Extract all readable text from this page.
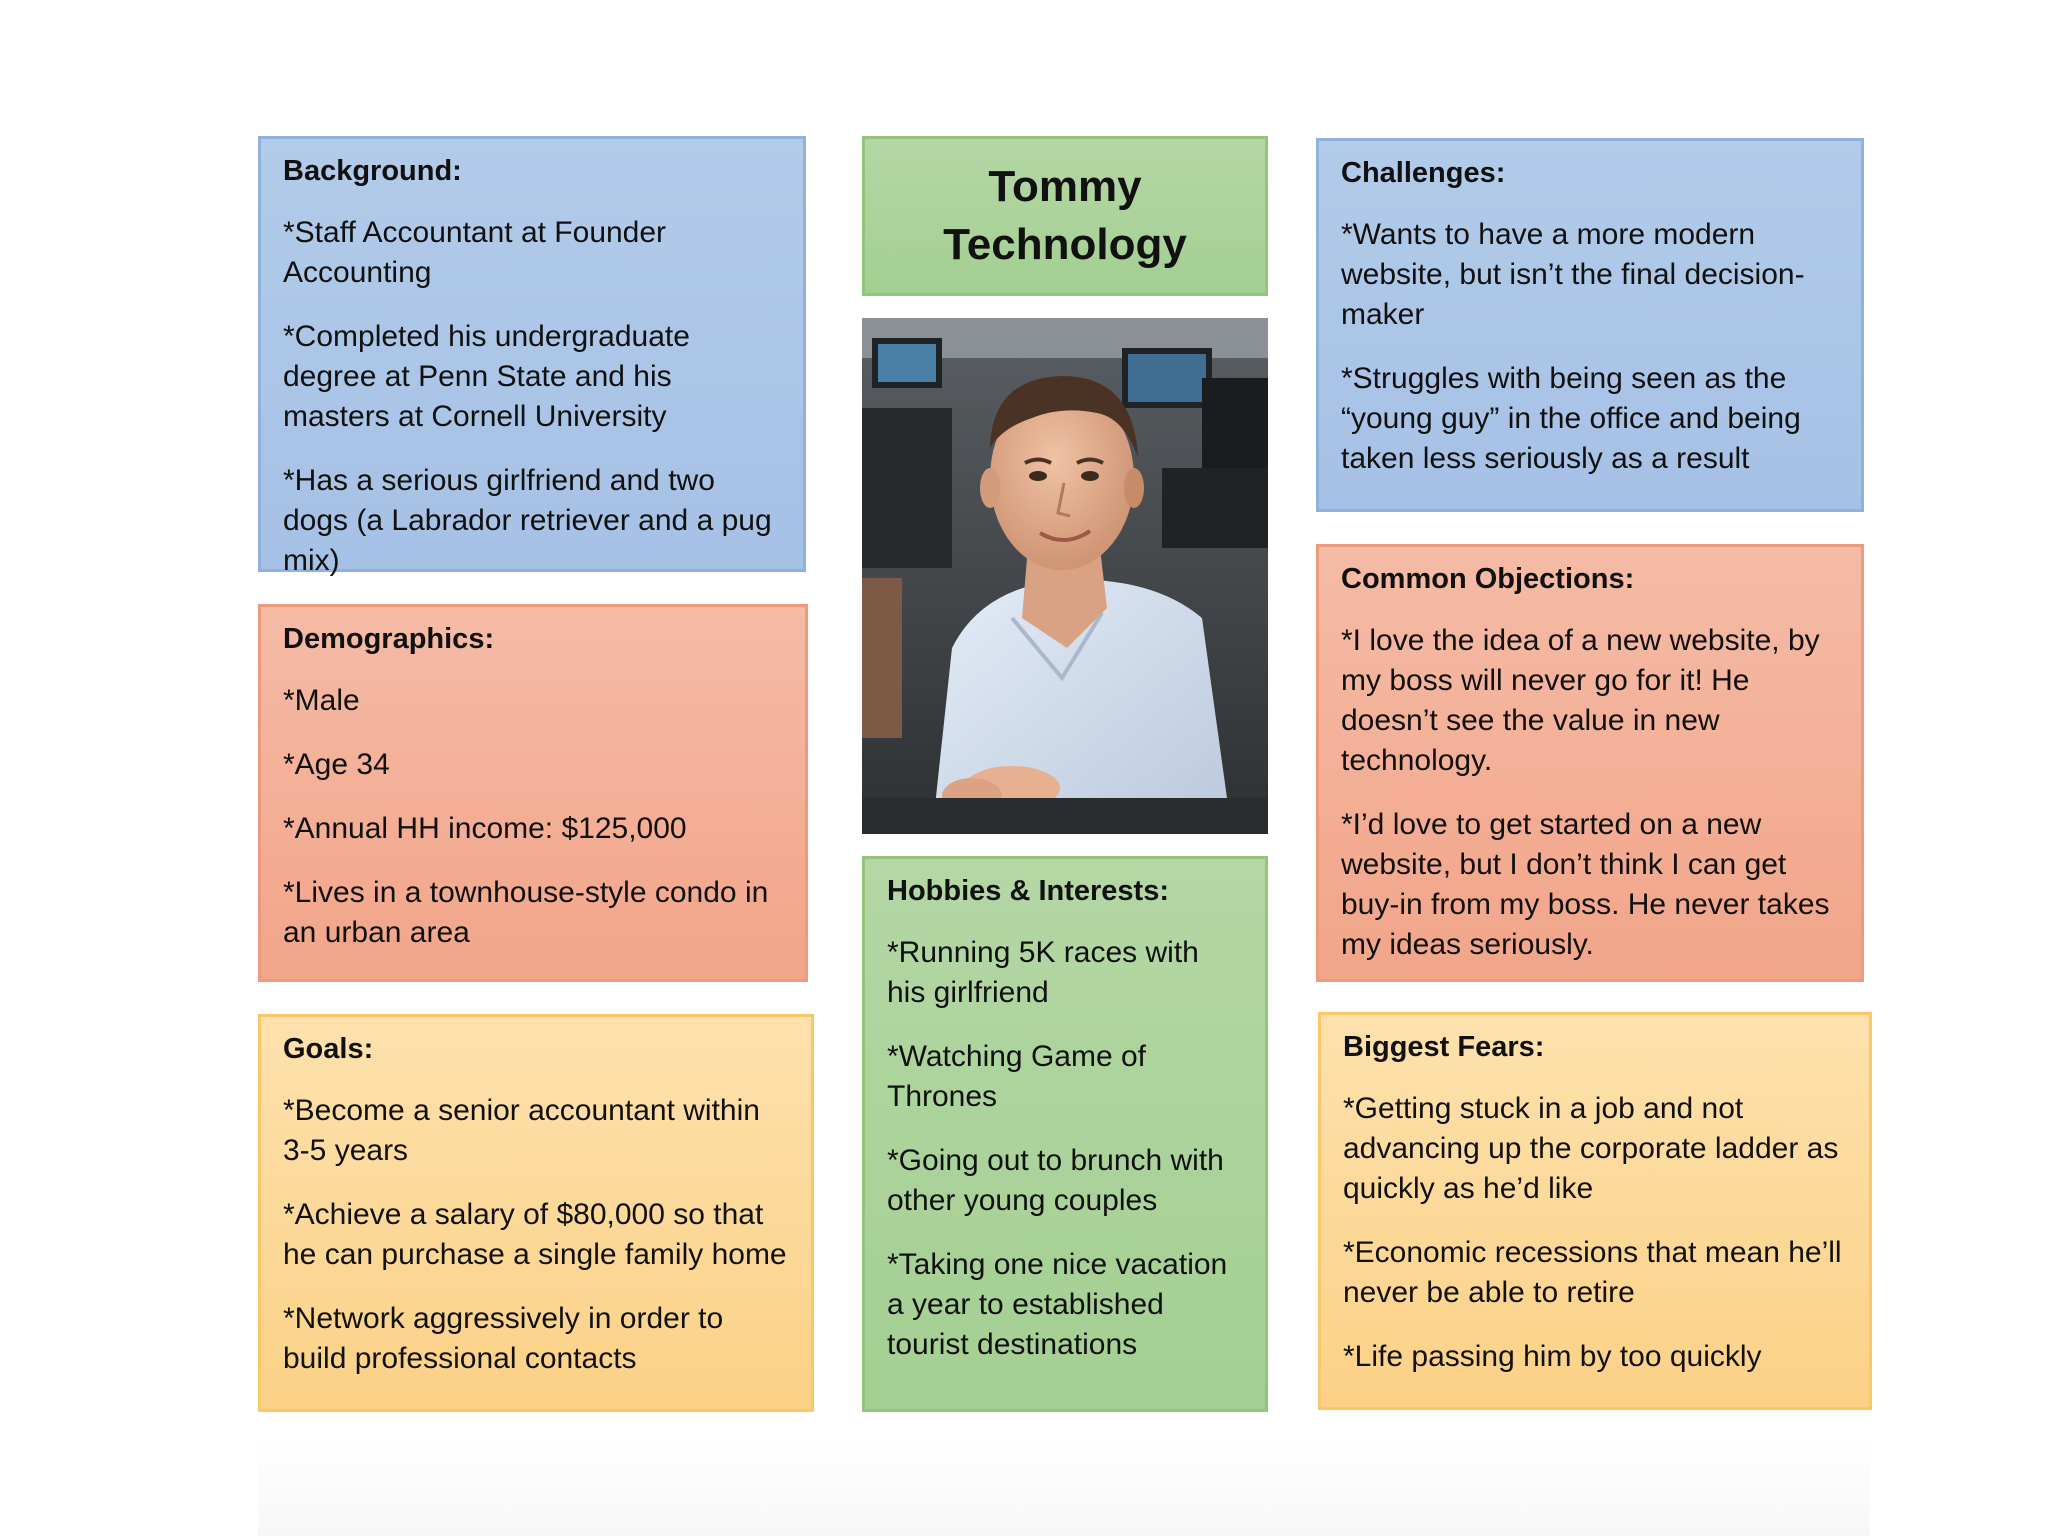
Background:
*Staff Accountant at Founder Accounting
*Completed his undergraduate degree at Penn State and his masters at Cornell University
*Has a serious girlfriend and two dogs (a Labrador retriever and a pug mix)
Demographics:
*Male
*Age 34
*Annual HH income: $125,000
*Lives in a townhouse-style condo in an urban area
Goals:
*Become a senior accountant within 3-5 years
*Achieve a salary of $80,000 so that he can purchase a single family home
*Network aggressively in order to build professional contacts
Tommy Technology
Hobbies & Interests:
*Running 5K races with his girlfriend
*Watching Game of Thrones
*Going out to brunch with other young couples
*Taking one nice vacation a year to established tourist destinations
Challenges:
*Wants to have a more modern website, but isn’t the final decision-maker
*Struggles with being seen as the “young guy” in the office and being taken less seriously as a result
Common Objections:
*I love the idea of a new website, by my boss will never go for it! He doesn’t see the value in new technology.
*I’d love to get started on a new website, but I don’t think I can get buy-in from my boss. He never takes my ideas seriously.
Biggest Fears:
*Getting stuck in a job and not advancing up the corporate ladder as quickly as he’d like
*Economic recessions that mean he’ll never be able to retire
*Life passing him by too quickly
